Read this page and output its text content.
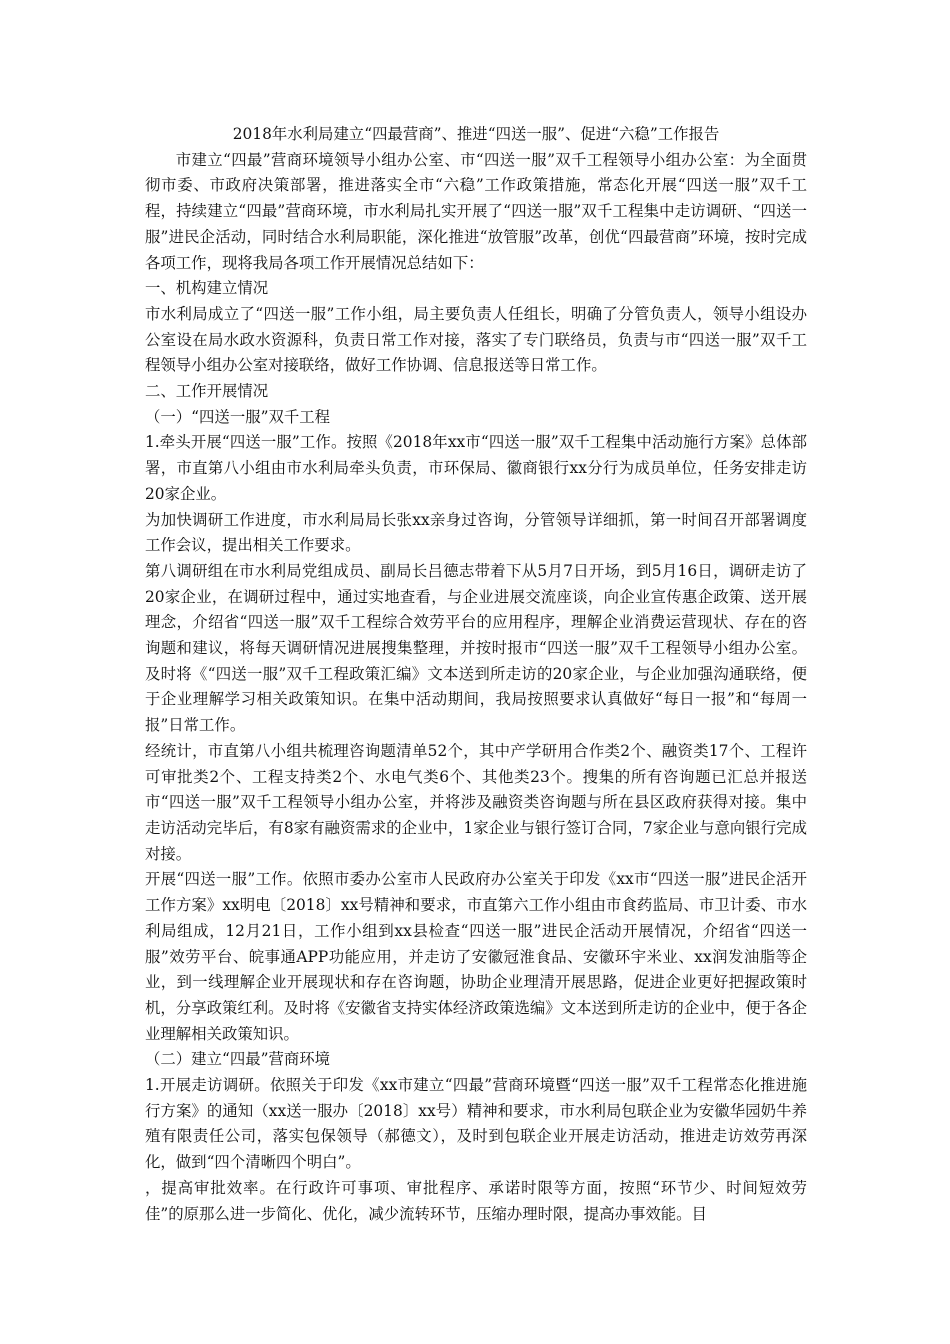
2018年水利局建立“四最营商”、推进“四送一服”、促进“六稳”工作报告

市建立“四最”营商环境领导小组办公室、市“四送一服”双千工程领导小组办公室：为全面贯彻市委、市政府决策部署，推进落实全市“六稳”工作政策措施，常态化开展“四送一服”双千工程，持续建立“四最”营商环境，市水利局扎实开展了“四送一服”双千工程集中走访调研、“四送一服”进民企活动，同时结合水利局职能，深化推进“放管服”改革，创优“四最营商”环境，按时完成各项工作，现将我局各项工作开展情况总结如下：

一、机构建立情况

市水利局成立了“四送一服”工作小组，局主要负责人任组长，明确了分管负责人，领导小组设办公室设在局水政水资源科，负责日常工作对接，落实了专门联络员，负责与市“四送一服”双千工程领导小组办公室对接联络，做好工作协调、信息报送等日常工作。

二、工作开展情况

（一）“四送一服”双千工程

1.牵头开展“四送一服”工作。按照《2018年xx市“四送一服”双千工程集中活动施行方案》总体部署，市直第八小组由市水利局牵头负责，市环保局、徽商银行xx分行为成员单位，任务安排走访20家企业。

为加快调研工作进度，市水利局局长张xx亲身过咨询，分管领导详细抓，第一时间召开部署调度工作会议，提出相关工作要求。

第八调研组在市水利局党组成员、副局长吕德志带着下从5月7日开场，到5月16日，调研走访了20家企业，在调研过程中，通过实地查看，与企业进展交流座谈，向企业宣传惠企政策、送开展理念，介绍省“四送一服”双千工程综合效劳平台的应用程序，理解企业消费运营现状、存在的咨询题和建议，将每天调研情况进展搜集整理，并按时报市“四送一服”双千工程领导小组办公室。及时将《“四送一服”双千工程政策汇编》文本送到所走访的20家企业，与企业加强沟通联络，便于企业理解学习相关政策知识。在集中活动期间，我局按照要求认真做好“每日一报”和“每周一报”日常工作。

经统计，市直第八小组共梳理咨询题清单52个，其中产学研用合作类2个、融资类17个、工程许可审批类2个、工程支持类2个、水电气类6个、其他类23个。搜集的所有咨询题已汇总并报送市“四送一服”双千工程领导小组办公室，并将涉及融资类咨询题与所在县区政府获得对接。集中走访活动完毕后，有8家有融资需求的企业中，1家企业与银行签订合同，7家企业与意向银行完成对接。

开展“四送一服”工作。依照市委办公室市人民政府办公室关于印发《xx市“四送一服”进民企活开工作方案》xx明电〔2018〕xx号精神和要求，市直第六工作小组由市食药监局、市卫计委、市水利局组成，12月21日，工作小组到xx县检查“四送一服”进民企活动开展情况，介绍省“四送一服”效劳平台、皖事通APP功能应用，并走访了安徽冠淮食品、安徽环宇米业、xx润发油脂等企业，到一线理解企业开展现状和存在咨询题，协助企业理清开展思路，促进企业更好把握政策时机，分享政策红利。及时将《安徽省支持实体经济政策选编》文本送到所走访的企业中，便于各企业理解相关政策知识。

（二）建立“四最”营商环境

1.开展走访调研。依照关于印发《xx市建立“四最”营商环境暨“四送一服”双千工程常态化推进施行方案》的通知（xx送一服办〔2018〕xx号）精神和要求，市水利局包联企业为安徽华园奶牛养殖有限责任公司，落实包保领导（郝德文），及时到包联企业开展走访活动，推进走访效劳再深化，做到“四个清晰四个明白”。

，提高审批效率。在行政许可事项、审批程序、承诺时限等方面，按照“环节少、时间短效劳佳”的原那么进一步简化、优化，减少流转环节，压缩办理时限，提高办事效能。目
